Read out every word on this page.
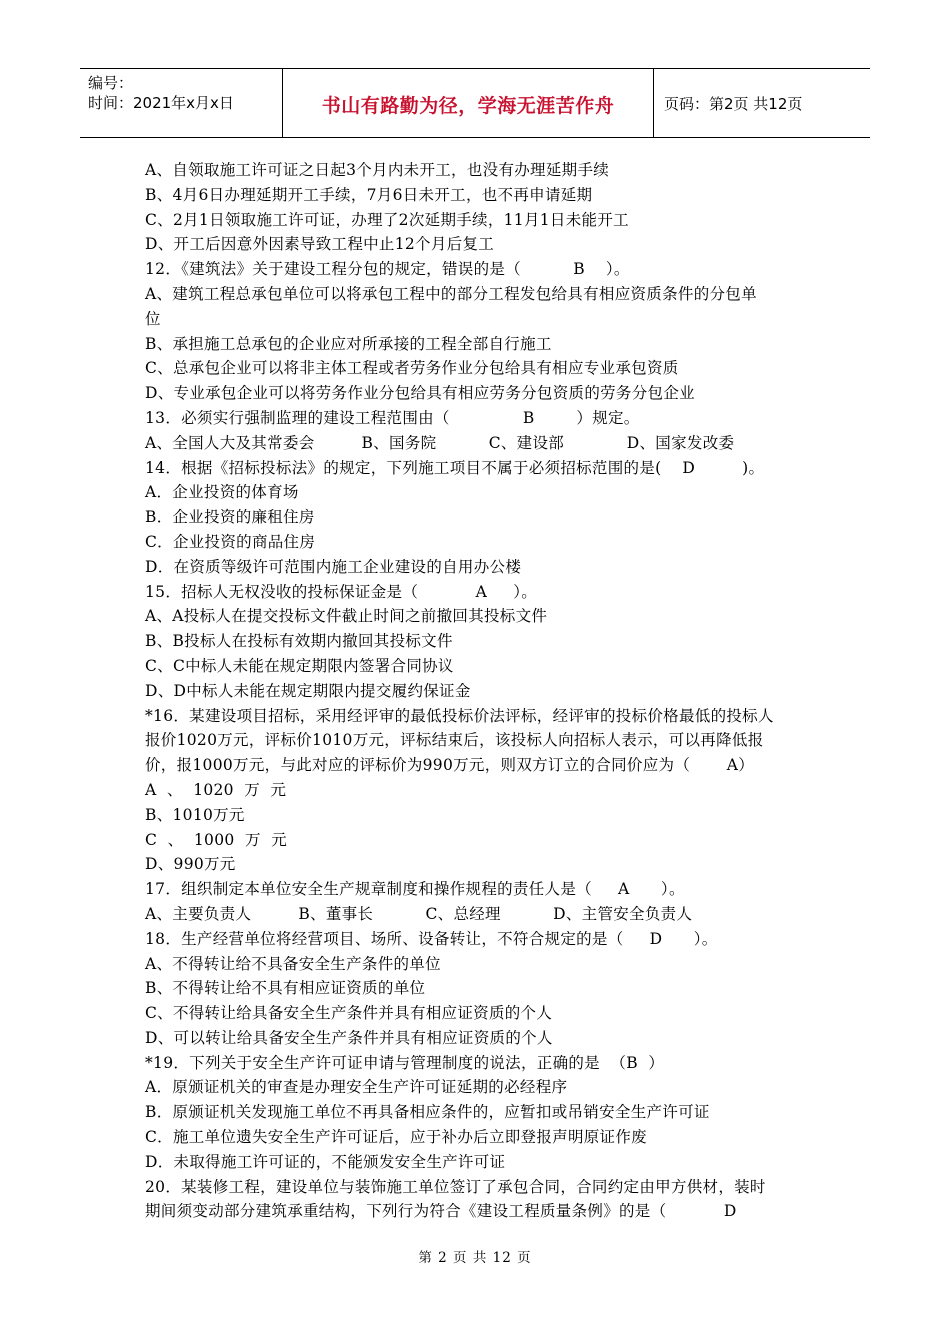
编号：
时间：2021年x月x日	书山有路勤为径，学海无涯苦作舟	页码：第2页 共12页
A、自领取施工许可证之日起3个月内未开工，也没有办理延期手续
B、4月6日办理延期开工手续，7月6日未开工，也不再申请延期
C、2月1日领取施工许可证，办理了2次延期手续，11月1日未能开工
D、开工后因意外因素导致工程中止12个月后复工
12．《建筑法》关于建设工程分包的规定，错误的是（          B    ）。
A、建筑工程总承包单位可以将承包工程中的部分工程发包给具有相应资质条件的分包单
位
B、承担施工总承包的企业应对所承接的工程全部自行施工
C、总承包企业可以将非主体工程或者劳务作业分包给具有相应专业承包资质
D、专业承包企业可以将劳务作业分包给具有相应劳务分包资质的劳务分包企业
13．必须实行强制监理的建设工程范围由（              B        ）规定。
A、全国人大及其常委会         B、国务院          C、建设部            D、国家发改委
14．根据《招标投标法》的规定，下列施工项目不属于必须招标范围的是(    D         )。
A．企业投资的体育场
B．企业投资的廉租住房
C．企业投资的商品住房
D．在资质等级许可范围内施工企业建设的自用办公楼
15．招标人无权没收的投标保证金是（           A     ）。
A、A投标人在提交投标文件截止时间之前撤回其投标文件
B、B投标人在投标有效期内撤回其投标文件
C、C中标人未能在规定期限内签署合同协议
D、D中标人未能在规定期限内提交履约保证金
*16．某建设项目招标，采用经评审的最低投标价法评标，经评审的投标价格最低的投标人
报价1020万元，评标价1010万元，评标结束后，该投标人向招标人表示，可以再降低报
价，报1000万元，与此对应的评标价为990万元，则双方订立的合同价应为（       A）
A  、  1020  万  元
B、1010万元
C  、  1000  万  元
D、990万元
17．组织制定本单位安全生产规章制度和操作规程的责任人是（     A      ）。
A、主要负责人         B、董事长          C、总经理          D、主管安全负责人
18．生产经营单位将经营项目、场所、设备转让，不符合规定的是（     D      ）。
A、不得转让给不具备安全生产条件的单位
B、不得转让给不具有相应证资质的单位
C、不得转让给具备安全生产条件并具有相应证资质的个人
D、可以转让给具备安全生产条件并具有相应证资质的个人
*19．下列关于安全生产许可证申请与管理制度的说法，正确的是  （B  ）
A．原颁证机关的审查是办理安全生产许可证延期的必经程序
B．原颁证机关发现施工单位不再具备相应条件的，应暂扣或吊销安全生产许可证
C．施工单位遗失安全生产许可证后，应于补办后立即登报声明原证作废
D．未取得施工许可证的，不能颁发安全生产许可证
20．某装修工程，建设单位与装饰施工单位签订了承包合同，合同约定由甲方供材，装时
期间须变动部分建筑承重结构，下列行为符合《建设工程质量条例》的是（           D
第 2 页 共 12 页
